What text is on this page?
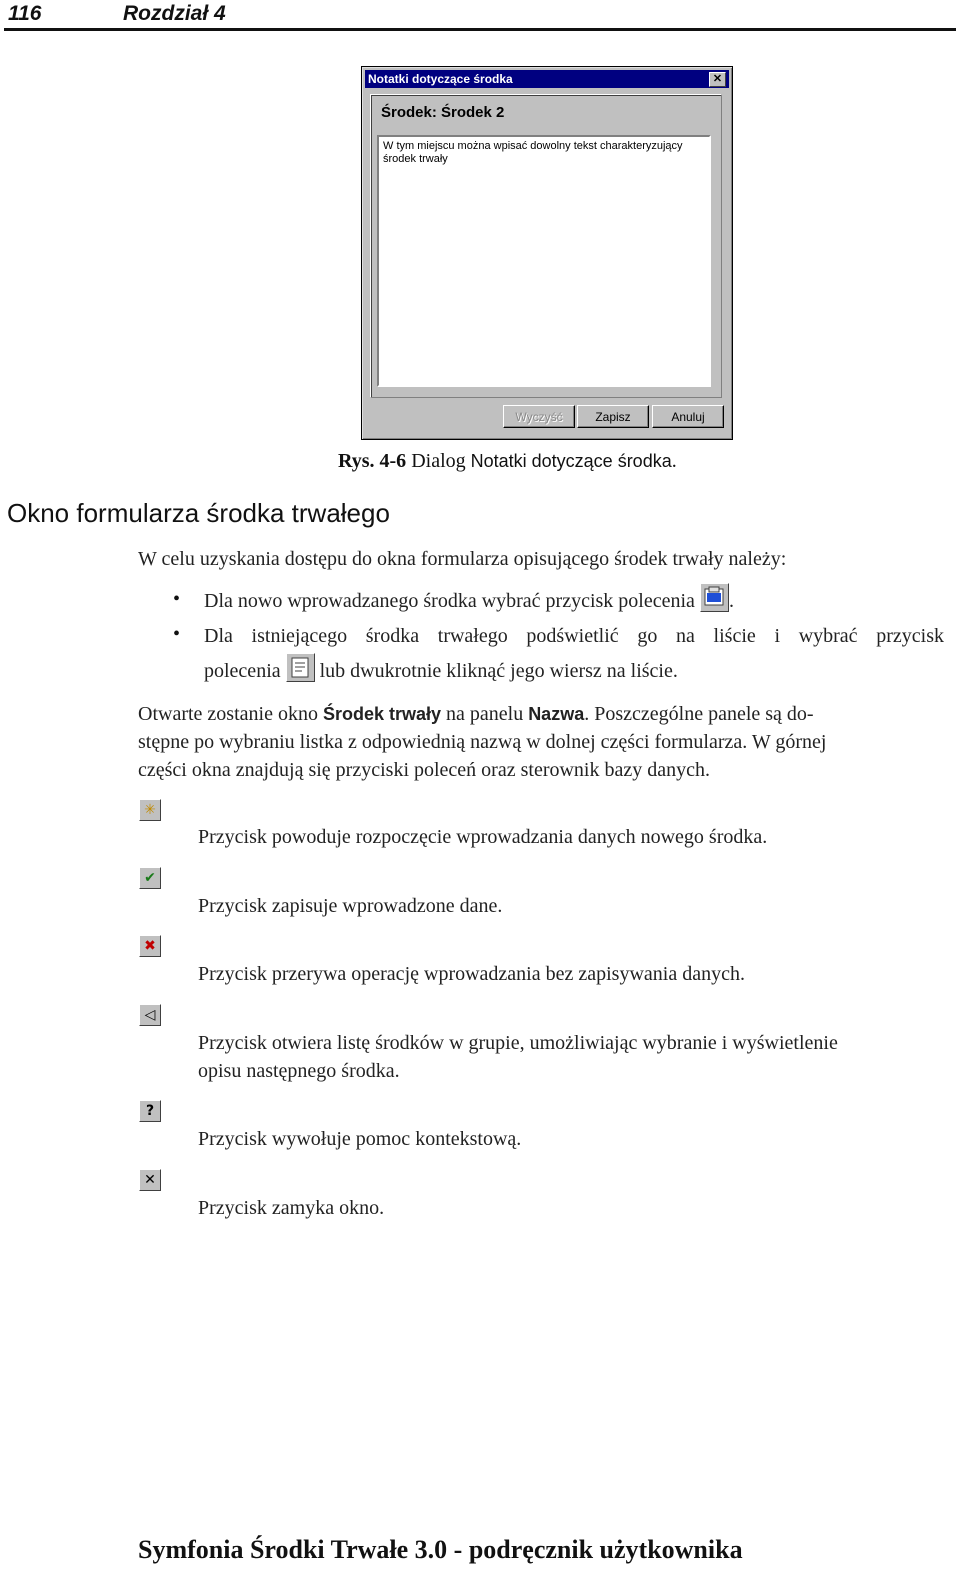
116	Rozdział 4
Notatki dotyczące środka	✕
Środek: Środek 2
W tym miejscu można wpisać dowolny tekst charakteryzujący środek trwały
Wyczyść	Zapisz	Anuluj
Rys. 4-6 Dialog Notatki dotyczące środka.
Okno formularza środka trwałego
W celu uzyskania dostępu do okna formularza opisującego środek trwały należy:
• Dla nowo wprowadzanego środka wybrać przycisk polecenia .
• Dla istniejącego środka trwałego podświetlić go na liście i wybrać przycisk
polecenia lub dwukrotnie kliknąć jego wiersz na liście.
Otwarte zostanie okno Środek trwały na panelu Nazwa. Poszczególne panele są do-
stępne po wybraniu listka z odpowiednią nazwą w dolnej części formularza. W górnej
części okna znajdują się przyciski poleceń oraz sterownik bazy danych.
✳
Przycisk powoduje rozpoczęcie wprowadzania danych nowego środka.
✔
Przycisk zapisuje wprowadzone dane.
✖
Przycisk przerywa operację wprowadzania bez zapisywania danych.
◁
Przycisk otwiera listę środków w grupie, umożliwiając wybranie i wyświetlenie
opisu następnego środka.
?
Przycisk wywołuje pomoc kontekstową.
✕
Przycisk zamyka okno.
Symfonia Środki Trwałe 3.0 - podręcznik użytkownika
